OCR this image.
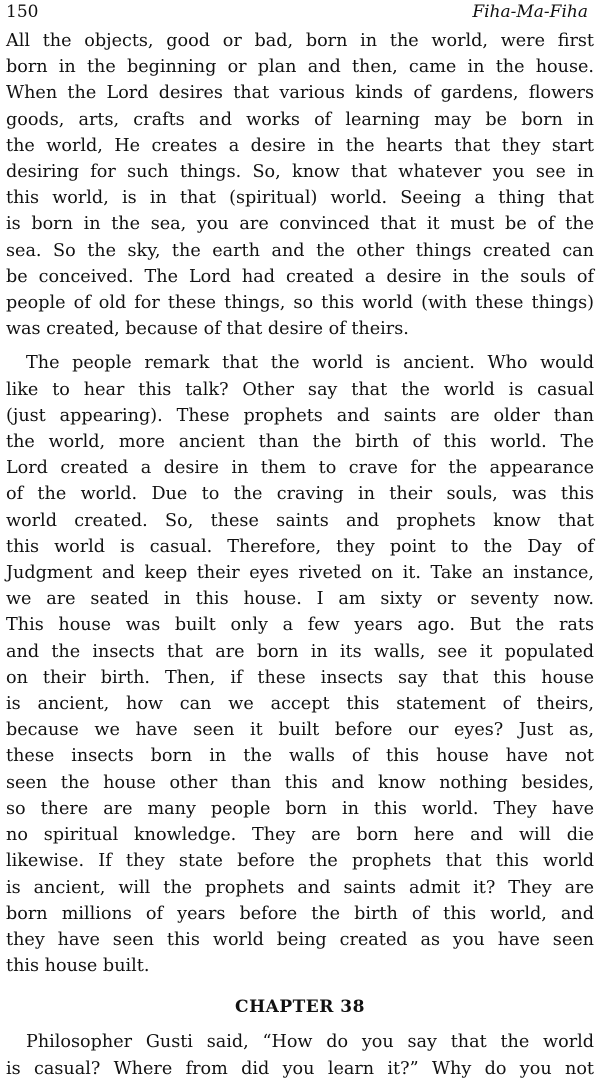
150	Fiha-Ma-Fiha
All the objects, good or bad, born in the world, were first
born in the beginning or plan and then, came in the house.
When the Lord desires that various kinds of gardens, flowers
goods, arts, crafts and works of learning may be born in
the world, He creates a desire in the hearts that they start
desiring for such things. So, know that whatever you see in
this world, is in that (spiritual) world. Seeing a thing that
is born in the sea, you are convinced that it must be of the
sea. So the sky, the earth and the other things created can
be conceived. The Lord had created a desire in the souls of
people of old for these things, so this world (with these things)
was created, because of that desire of theirs.
The people remark that the world is ancient. Who would
like to hear this talk? Other say that the world is casual
(just appearing). These prophets and saints are older than
the world, more ancient than the birth of this world. The
Lord created a desire in them to crave for the appearance
of the world. Due to the craving in their souls, was this
world created. So, these saints and prophets know that
this world is casual. Therefore, they point to the Day of
Judgment and keep their eyes riveted on it. Take an instance,
we are seated in this house. I am sixty or seventy now.
This house was built only a few years ago. But the rats
and the insects that are born in its walls, see it populated
on their birth. Then, if these insects say that this house
is ancient, how can we accept this statement of theirs,
because we have seen it built before our eyes? Just as,
these insects born in the walls of this house have not
seen the house other than this and know nothing besides,
so there are many people born in this world. They have
no spiritual knowledge. They are born here and will die
likewise. If they state before the prophets that this world
is ancient, will the prophets and saints admit it? They are
born millions of years before the birth of this world, and
they have seen this world being created as you have seen
this house built.
CHAPTER 38
Philosopher Gusti said, “How do you say that the world
is casual? Where from did you learn it?” Why do you not
